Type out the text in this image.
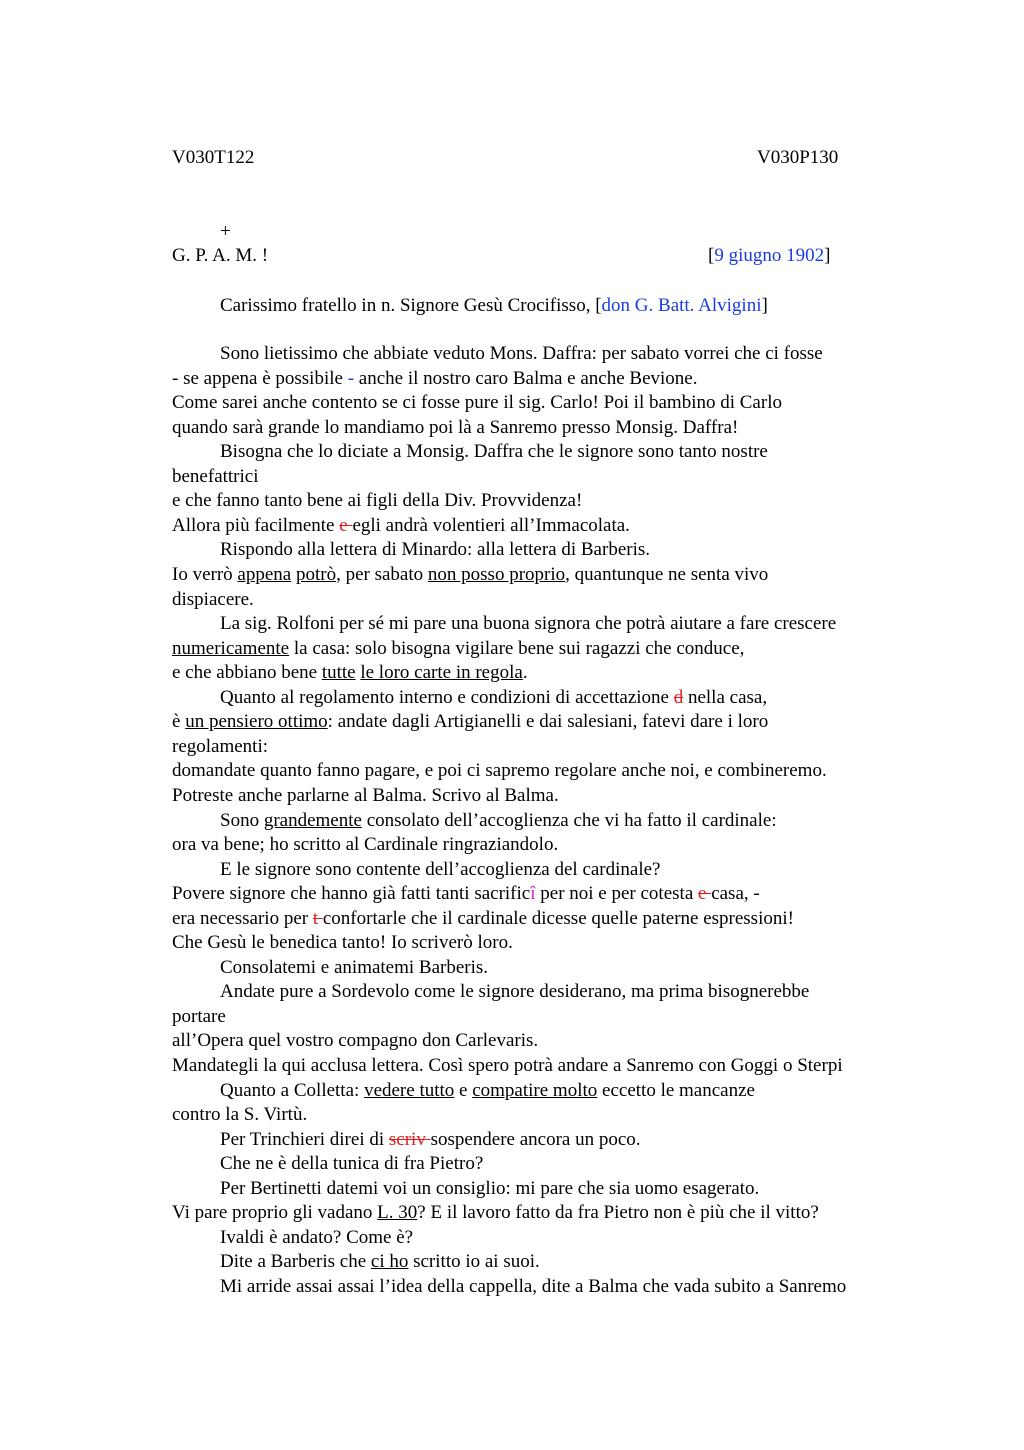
V030T122	V030P130
+
G. P. A. M. !	[9 giugno 1902]
Carissimo fratello in n. Signore Gesù Crocifisso, [don G. Batt. Alvigini]
Sono lietissimo che abbiate veduto Mons. Daffra: per sabato vorrei che ci fosse
- se appena è possibile - anche il nostro caro Balma e anche Bevione.
Come sarei anche contento se ci fosse pure il sig. Carlo! Poi il bambino di Carlo
quando sarà grande lo mandiamo poi là a Sanremo presso Monsig. Daffra!
Bisogna che lo diciate a Monsig. Daffra che le signore sono tanto nostre
benefattrici
e che fanno tanto bene ai figli della Div. Provvidenza!
Allora più facilmente e egli andrà volentieri all’Immacolata.
Rispondo alla lettera di Minardo: alla lettera di Barberis.
Io verrò appena potrò, per sabato non posso proprio, quantunque ne senta vivo
dispiacere.
La sig. Rolfoni per sé mi pare una buona signora che potrà aiutare a fare crescere
numericamente la casa: solo bisogna vigilare bene sui ragazzi che conduce,
e che abbiano bene tutte le loro carte in regola.
Quanto al regolamento interno e condizioni di accettazione d nella casa,
è un pensiero ottimo: andate dagli Artigianelli e dai salesiani, fatevi dare i loro
regolamenti:
domandate quanto fanno pagare, e poi ci sapremo regolare anche noi, e combineremo.
Potreste anche parlarne al Balma. Scrivo al Balma.
Sono grandemente consolato dell’accoglienza che vi ha fatto il cardinale:
ora va bene; ho scritto al Cardinale ringraziandolo.
E le signore sono contente dell’accoglienza del cardinale?
Povere signore che hanno già fatti tanti sacrificî per noi e per cotesta e casa, -
era necessario per t confortarle che il cardinale dicesse quelle paterne espressioni!
Che Gesù le benedica tanto! Io scriverò loro.
Consolatemi e animatemi Barberis.
Andate pure a Sordevolo come le signore desiderano, ma prima bisognerebbe
portare
all’Opera quel vostro compagno don Carlevaris.
Mandategli la qui acclusa lettera. Così spero potrà andare a Sanremo con Goggi o Sterpi
Quanto a Colletta: vedere tutto e compatire molto eccetto le mancanze
contro la S. Virtù.
Per Trinchieri direi di scriv sospendere ancora un poco.
Che ne è della tunica di fra Pietro?
Per Bertinetti datemi voi un consiglio: mi pare che sia uomo esagerato.
Vi pare proprio gli vadano L. 30? E il lavoro fatto da fra Pietro non è più che il vitto?
Ivaldi è andato? Come è?
Dite a Barberis che ci ho scritto io ai suoi.
Mi arride assai assai l’idea della cappella, dite a Balma che vada subito a Sanremo
